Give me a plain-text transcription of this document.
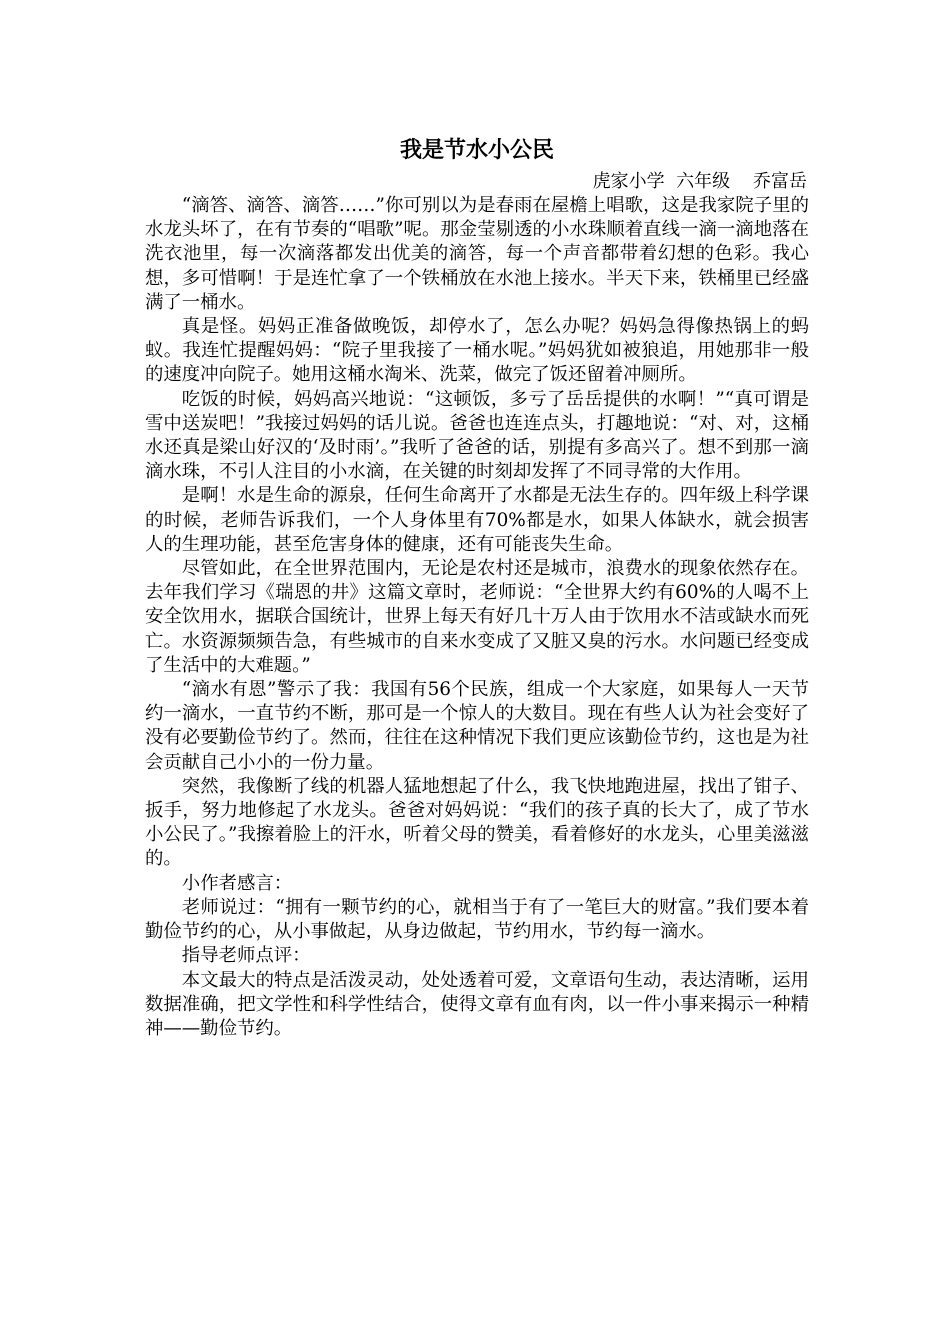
我是节水小公民
虎家小学  六年级    乔富岳

“滴答、滴答、滴答……”你可别以为是春雨在屋檐上唱歌，这是我家院子里的水龙头坏了，在有节奏的“唱歌”呢。那金莹剔透的小水珠顺着直线一滴一滴地落在洗衣池里，每一次滴落都发出优美的滴答，每一个声音都带着幻想的色彩。我心想，多可惜啊！于是连忙拿了一个铁桶放在水池上接水。半天下来，铁桶里已经盛满了一桶水。

真是怪。妈妈正准备做晚饭，却停水了，怎么办呢？妈妈急得像热锅上的蚂蚁。我连忙提醒妈妈：“院子里我接了一桶水呢。”妈妈犹如被狼追，用她那非一般的速度冲向院子。她用这桶水淘米、洗菜，做完了饭还留着冲厕所。

吃饭的时候，妈妈高兴地说：“这顿饭，多亏了岳岳提供的水啊！”“真可谓是雪中送炭吧！”我接过妈妈的话儿说。爸爸也连连点头，打趣地说：“对、对，这桶水还真是梁山好汉的‘及时雨’。”我听了爸爸的话，别提有多高兴了。想不到那一滴滴水珠，不引人注目的小水滴，在关键的时刻却发挥了不同寻常的大作用。

是啊！水是生命的源泉，任何生命离开了水都是无法生存的。四年级上科学课的时候，老师告诉我们，一个人身体里有70%都是水，如果人体缺水，就会损害人的生理功能，甚至危害身体的健康，还有可能丧失生命。

尽管如此，在全世界范围内，无论是农村还是城市，浪费水的现象依然存在。去年我们学习《瑞恩的井》这篇文章时，老师说：“全世界大约有60%的人喝不上安全饮用水，据联合国统计，世界上每天有好几十万人由于饮用水不洁或缺水而死亡。水资源频频告急，有些城市的自来水变成了又脏又臭的污水。水问题已经变成了生活中的大难题。”

“滴水有恩”警示了我：我国有56个民族，组成一个大家庭，如果每人一天节约一滴水，一直节约不断，那可是一个惊人的大数目。现在有些人认为社会变好了没有必要勤俭节约了。然而，往往在这种情况下我们更应该勤俭节约，这也是为社会贡献自己小小的一份力量。

突然，我像断了线的机器人猛地想起了什么，我飞快地跑进屋，找出了钳子、扳手，努力地修起了水龙头。爸爸对妈妈说：“我们的孩子真的长大了，成了节水小公民了。”我擦着脸上的汗水，听着父母的赞美，看着修好的水龙头，心里美滋滋的。

小作者感言：

老师说过：“拥有一颗节约的心，就相当于有了一笔巨大的财富。”我们要本着勤俭节约的心，从小事做起，从身边做起，节约用水，节约每一滴水。

指导老师点评：

本文最大的特点是活泼灵动，处处透着可爱，文章语句生动，表达清晰，运用数据准确，把文学性和科学性结合，使得文章有血有肉，以一件小事来揭示一种精神——勤俭节约。
